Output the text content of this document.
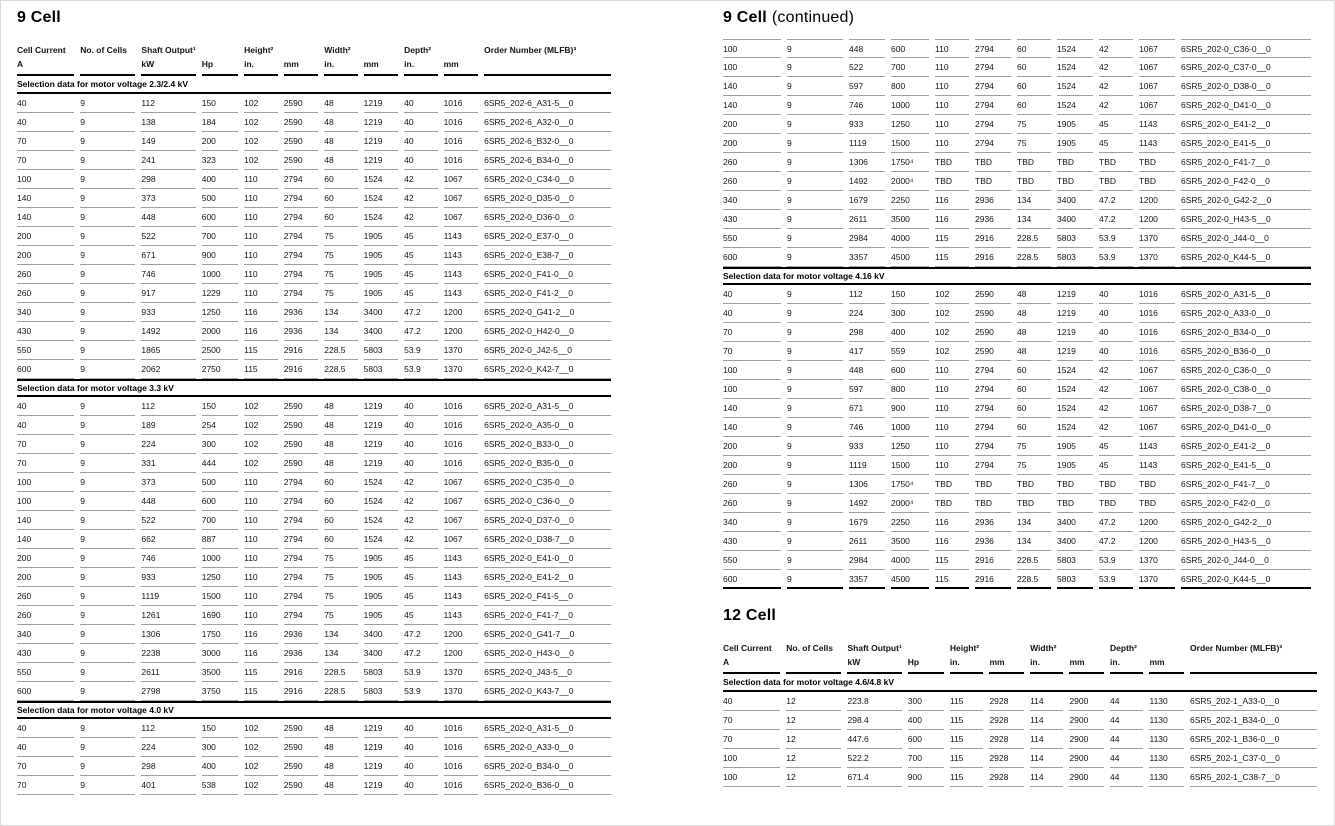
9 Cell
Cell Current	No. of Cells	Shaft Output¹		Height²		Width²		Depth²		Order Number (MLFB)³
A		kW	Hp	in.	mm	in.	mm	in.	mm	
Selection data for motor voltage 2.3/2.4 kV										
40	9	112	150	102	2590	48	1219	40	1016	6SR5_202-6_A31-5__0
40	9	138	184	102	2590	48	1219	40	1016	6SR5_202-6_A32-0__0
70	9	149	200	102	2590	48	1219	40	1016	6SR5_202-6_B32-0__0
70	9	241	323	102	2590	48	1219	40	1016	6SR5_202-6_B34-0__0
100	9	298	400	110	2794	60	1524	42	1067	6SR5_202-0_C34-0__0
140	9	373	500	110	2794	60	1524	42	1067	6SR5_202-0_D35-0__0
140	9	448	600	110	2794	60	1524	42	1067	6SR5_202-0_D36-0__0
200	9	522	700	110	2794	75	1905	45	1143	6SR5_202-0_E37-0__0
200	9	671	900	110	2794	75	1905	45	1143	6SR5_202-0_E38-7__0
260	9	746	1000	110	2794	75	1905	45	1143	6SR5_202-0_F41-0__0
260	9	917	1229	110	2794	75	1905	45	1143	6SR5_202-0_F41-2__0
340	9	933	1250	116	2936	134	3400	47.2	1200	6SR5_202-0_G41-2__0
430	9	1492	2000	116	2936	134	3400	47.2	1200	6SR5_202-0_H42-0__0
550	9	1865	2500	115	2916	228.5	5803	53.9	1370	6SR5_202-0_J42-5__0
600	9	2062	2750	115	2916	228.5	5803	53.9	1370	6SR5_202-0_K42-7__0
Selection data for motor voltage 3.3 kV										
40	9	112	150	102	2590	48	1219	40	1016	6SR5_202-0_A31-5__0
40	9	189	254	102	2590	48	1219	40	1016	6SR5_202-0_A35-0__0
70	9	224	300	102	2590	48	1219	40	1016	6SR5_202-0_B33-0__0
70	9	331	444	102	2590	48	1219	40	1016	6SR5_202-0_B35-0__0
100	9	373	500	110	2794	60	1524	42	1067	6SR5_202-0_C35-0__0
100	9	448	600	110	2794	60	1524	42	1067	6SR5_202-0_C36-0__0
140	9	522	700	110	2794	60	1524	42	1067	6SR5_202-0_D37-0__0
140	9	662	887	110	2794	60	1524	42	1067	6SR5_202-0_D38-7__0
200	9	746	1000	110	2794	75	1905	45	1143	6SR5_202-0_E41-0__0
200	9	933	1250	110	2794	75	1905	45	1143	6SR5_202-0_E41-2__0
260	9	1119	1500	110	2794	75	1905	45	1143	6SR5_202-0_F41-5__0
260	9	1261	1690	110	2794	75	1905	45	1143	6SR5_202-0_F41-7__0
340	9	1306	1750	116	2936	134	3400	47.2	1200	6SR5_202-0_G41-7__0
430	9	2238	3000	116	2936	134	3400	47.2	1200	6SR5_202-0_H43-0__0
550	9	2611	3500	115	2916	228.5	5803	53.9	1370	6SR5_202-0_J43-5__0
600	9	2798	3750	115	2916	228.5	5803	53.9	1370	6SR5_202-0_K43-7__0
Selection data for motor voltage 4.0 kV										
40	9	112	150	102	2590	48	1219	40	1016	6SR5_202-0_A31-5__0
40	9	224	300	102	2590	48	1219	40	1016	6SR5_202-0_A33-0__0
70	9	298	400	102	2590	48	1219	40	1016	6SR5_202-0_B34-0__0
70	9	401	538	102	2590	48	1219	40	1016	6SR5_202-0_B36-0__0
9 Cell (continued)
100	9	448	600	110	2794	60	1524	42	1067	6SR5_202-0_C36-0__0
100	9	522	700	110	2794	60	1524	42	1067	6SR5_202-0_C37-0__0
140	9	597	800	110	2794	60	1524	42	1067	6SR5_202-0_D38-0__0
140	9	746	1000	110	2794	60	1524	42	1067	6SR5_202-0_D41-0__0
200	9	933	1250	110	2794	75	1905	45	1143	6SR5_202-0_E41-2__0
200	9	1119	1500	110	2794	75	1905	45	1143	6SR5_202-0_E41-5__0
260	9	1306	1750⁴	TBD	TBD	TBD	TBD	TBD	TBD	6SR5_202-0_F41-7__0
260	9	1492	2000⁴	TBD	TBD	TBD	TBD	TBD	TBD	6SR5_202-0_F42-0__0
340	9	1679	2250	116	2936	134	3400	47.2	1200	6SR5_202-0_G42-2__0
430	9	2611	3500	116	2936	134	3400	47.2	1200	6SR5_202-0_H43-5__0
550	9	2984	4000	115	2916	228.5	5803	53.9	1370	6SR5_202-0_J44-0__0
600	9	3357	4500	115	2916	228.5	5803	53.9	1370	6SR5_202-0_K44-5__0
Selection data for motor voltage 4.16 kV										
40	9	112	150	102	2590	48	1219	40	1016	6SR5_202-0_A31-5__0
40	9	224	300	102	2590	48	1219	40	1016	6SR5_202-0_A33-0__0
70	9	298	400	102	2590	48	1219	40	1016	6SR5_202-0_B34-0__0
70	9	417	559	102	2590	48	1219	40	1016	6SR5_202-0_B36-0__0
100	9	448	600	110	2794	60	1524	42	1067	6SR5_202-0_C36-0__0
100	9	597	800	110	2794	60	1524	42	1067	6SR5_202-0_C38-0__0
140	9	671	900	110	2794	60	1524	42	1067	6SR5_202-0_D38-7__0
140	9	746	1000	110	2794	60	1524	42	1067	6SR5_202-0_D41-0__0
200	9	933	1250	110	2794	75	1905	45	1143	6SR5_202-0_E41-2__0
200	9	1119	1500	110	2794	75	1905	45	1143	6SR5_202-0_E41-5__0
260	9	1306	1750⁴	TBD	TBD	TBD	TBD	TBD	TBD	6SR5_202-0_F41-7__0
260	9	1492	2000⁴	TBD	TBD	TBD	TBD	TBD	TBD	6SR5_202-0_F42-0__0
340	9	1679	2250	116	2936	134	3400	47.2	1200	6SR5_202-0_G42-2__0
430	9	2611	3500	116	2936	134	3400	47.2	1200	6SR5_202-0_H43-5__0
550	9	2984	4000	115	2916	228.5	5803	53.9	1370	6SR5_202-0_J44-0__0
600	9	3357	4500	115	2916	228.5	5803	53.9	1370	6SR5_202-0_K44-5__0
12 Cell
Cell Current	No. of Cells	Shaft Output¹		Height²		Width²		Depth²		Order Number (MLFB)³
A		kW	Hp	in.	mm	in.	mm	in.	mm	
Selection data for motor voltage 4.6/4.8 kV										
40	12	223.8	300	115	2928	114	2900	44	1130	6SR5_202-1_A33-0__0
70	12	298.4	400	115	2928	114	2900	44	1130	6SR5_202-1_B34-0__0
70	12	447.6	600	115	2928	114	2900	44	1130	6SR5_202-1_B36-0__0
100	12	522.2	700	115	2928	114	2900	44	1130	6SR5_202-1_C37-0__0
100	12	671.4	900	115	2928	114	2900	44	1130	6SR5_202-1_C38-7__0
